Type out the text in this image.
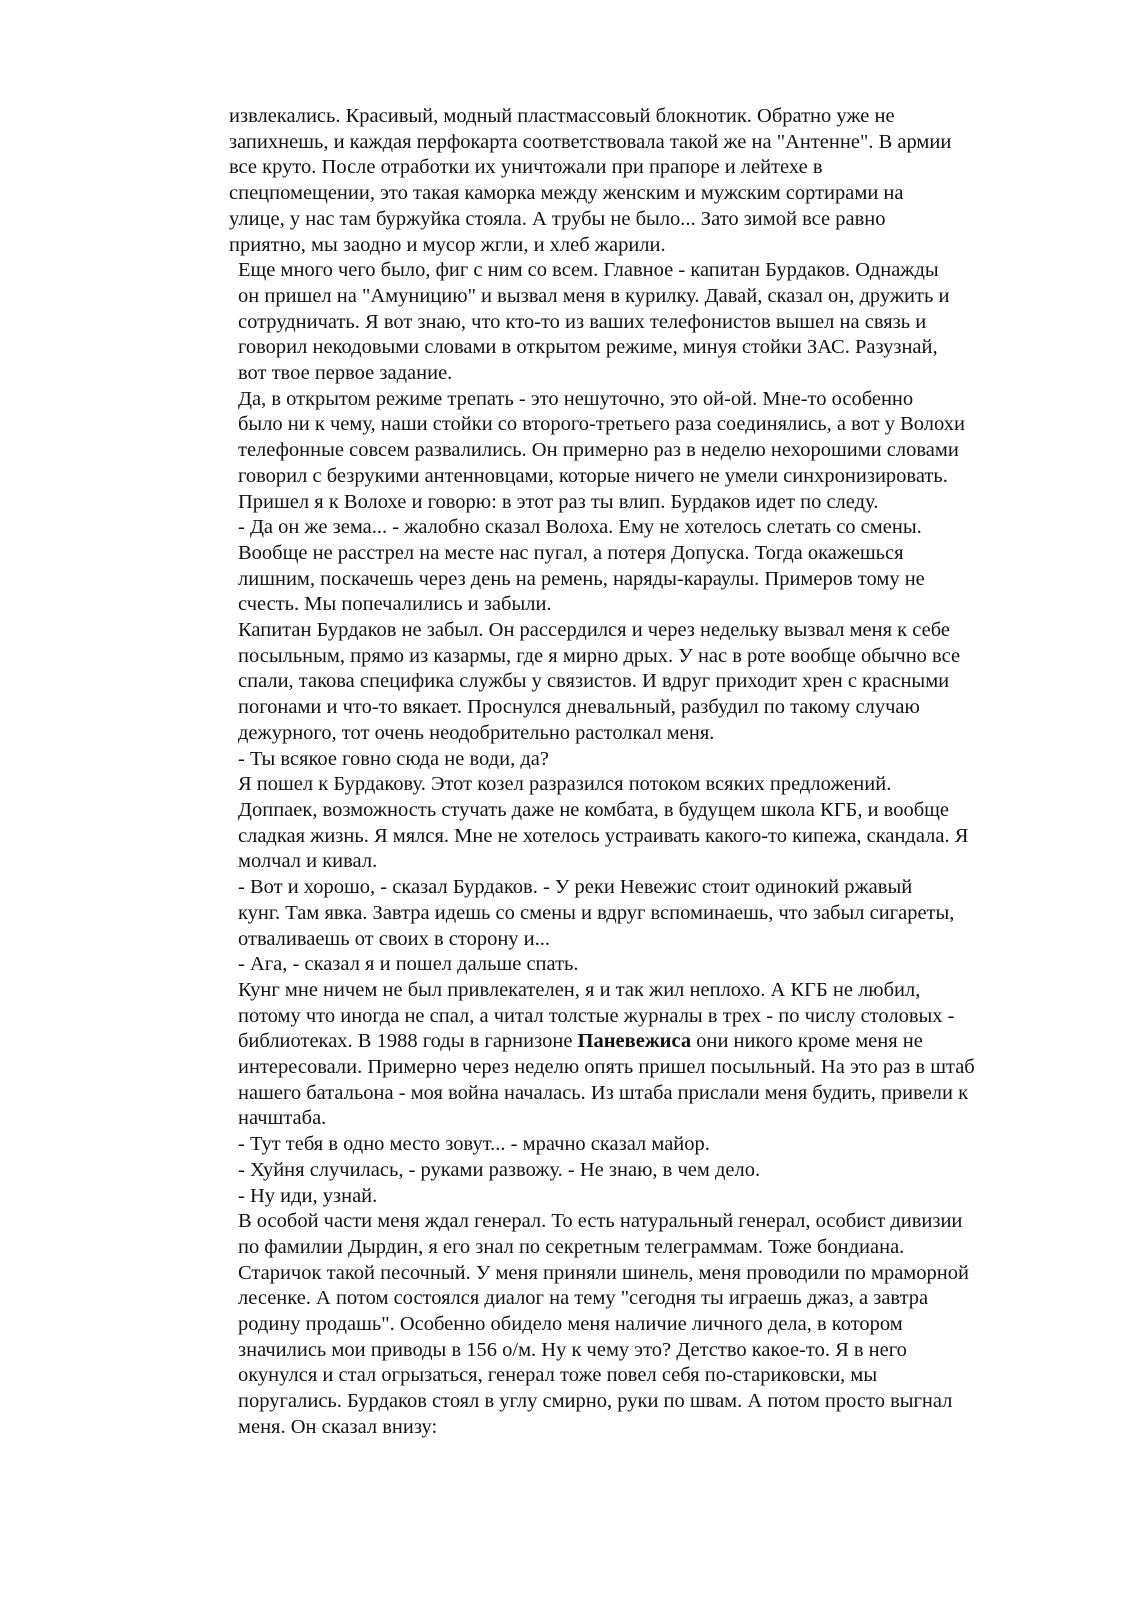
извлекались. Красивый, модный пластмассовый блокнотик. Обратно уже не
запихнешь, и каждая перфокарта соответствовала такой же на "Антенне". В армии
все круто. После отработки их уничтожали при прапоре и лейтехе в
спецпомещении, это такая каморка между женским и мужским сортирами на
улице, у нас там буржуйка стояла. А трубы не было... Зато зимой все равно
приятно, мы заодно и мусор жгли, и хлеб жарили.

Еще много чего было, фиг с ним со всем. Главное - капитан Бурдаков. Однажды
он пришел на "Амуницию" и вызвал меня в курилку. Давай, сказал он, дружить и
сотрудничать. Я вот знаю, что кто-то из ваших телефонистов вышел на связь и
говорил некодовыми словами в открытом режиме, минуя стойки ЗАС. Разузнай,
вот твое первое задание.

Да, в открытом режиме трепать - это нешуточно, это ой-ой. Мне-то особенно
было ни к чему, наши стойки со второго-третьего раза соединялись, а вот у Волохи
телефонные совсем развалились. Он примерно раз в неделю нехорошими словами
говорил с безрукими антенновцами, которые ничего не умели синхронизировать.
Пришел я к Волохе и говорю: в этот раз ты влип. Бурдаков идет по следу.

- Да он же зема... - жалобно сказал Волоха. Ему не хотелось слетать со смены.

Вообще не расстрел на месте нас пугал, а потеря Допуска. Тогда окажешься
лишним, поскачешь через день на ремень, наряды-караулы. Примеров тому не
счесть. Мы попечалились и забыли.

Капитан Бурдаков не забыл. Он рассердился и через недельку вызвал меня к себе
посыльным, прямо из казармы, где я мирно дрых. У нас в роте вообще обычно все
спали, такова специфика службы у связистов. И вдруг приходит хрен с красными
погонами и что-то вякает. Проснулся дневальный, разбудил по такому случаю
дежурного, тот очень неодобрительно растолкал меня.

- Ты всякое говно сюда не води, да?

Я пошел к Бурдакову. Этот козел разразился потоком всяких предложений.
Доппаек, возможность стучать даже не комбата, в будущем школа КГБ, и вообще
сладкая жизнь. Я мялся. Мне не хотелось устраивать какого-то кипежа, скандала. Я
молчал и кивал.

- Вот и хорошо, - сказал Бурдаков. - У реки Невежис стоит одинокий ржавый
кунг. Там явка. Завтра идешь со смены и вдруг вспоминаешь, что забыл сигареты,
отваливаешь от своих в сторону и...

- Ага, - сказал я и пошел дальше спать.

Кунг мне ничем не был привлекателен, я и так жил неплохо. А КГБ не любил,
потому что иногда не спал, а читал толстые журналы в трех - по числу столовых -
библиотеках. В 1988 годы в гарнизоне Паневежиса они никого кроме меня не
интересовали. Примерно через неделю опять пришел посыльный. На это раз в штаб
нашего батальона - моя война началась. Из штаба прислали меня будить, привели к
начштаба.

- Тут тебя в одно место зовут... - мрачно сказал майор.

- Хуйня случилась, - руками развожу. - Не знаю, в чем дело.

- Ну иди, узнай.

В особой части меня ждал генерал. То есть натуральный генерал, особист дивизии
по фамилии Дырдин, я его знал по секретным телеграммам. Тоже бондиана.
Старичок такой песочный. У меня приняли шинель, меня проводили по мраморной
лесенке. А потом состоялся диалог на тему "сегодня ты играешь джаз, а завтра
родину продашь". Особенно обидело меня наличие личного дела, в котором
значились мои приводы в 156 о/м. Ну к чему это? Детство какое-то. Я в него
окунулся и стал огрызаться, генерал тоже повел себя по-стариковски, мы
поругались. Бурдаков стоял в углу смирно, руки по швам. А потом просто выгнал
меня. Он сказал внизу:
